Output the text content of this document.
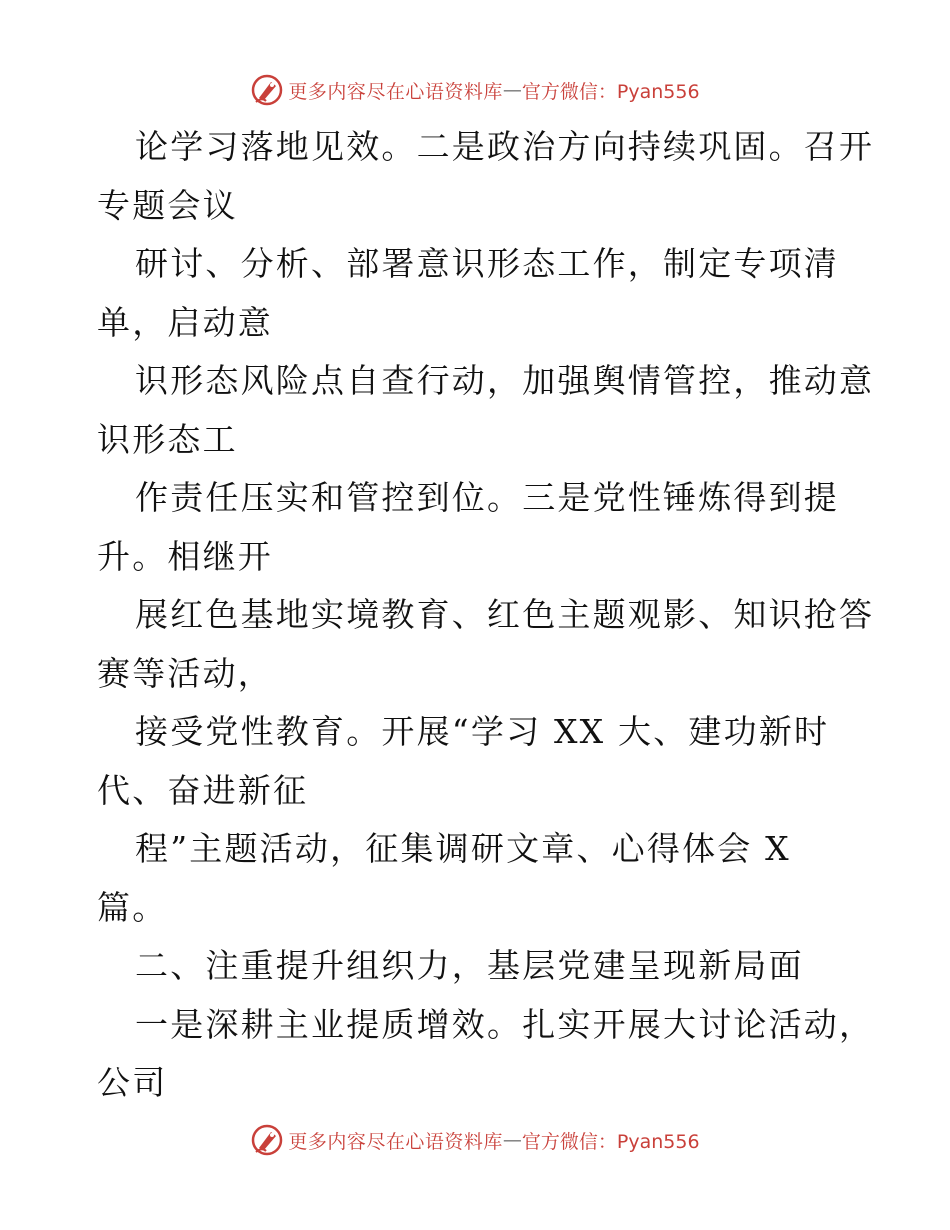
更多内容尽在心语资料库 — 官方微信：Pyan556
论学习落地见效。二是政治方向持续巩固。召开
专题会议
研讨、分析、部署意识形态工作，制定专项清
单，启动意
识形态风险点自查行动，加强舆情管控，推动意
识形态工
作责任压实和管控到位。三是党性锤炼得到提
升。相继开
展红色基地实境教育、红色主题观影、知识抢答
赛等活动，
接受党性教育。开展“学习 XX 大、建功新时
代、奋进新征
程”主题活动，征集调研文章、心得体会 X
篇。
二、注重提升组织力，基层党建呈现新局面
一是深耕主业提质增效。扎实开展大讨论活动，
公司
更多内容尽在心语资料库 — 官方微信：Pyan556
